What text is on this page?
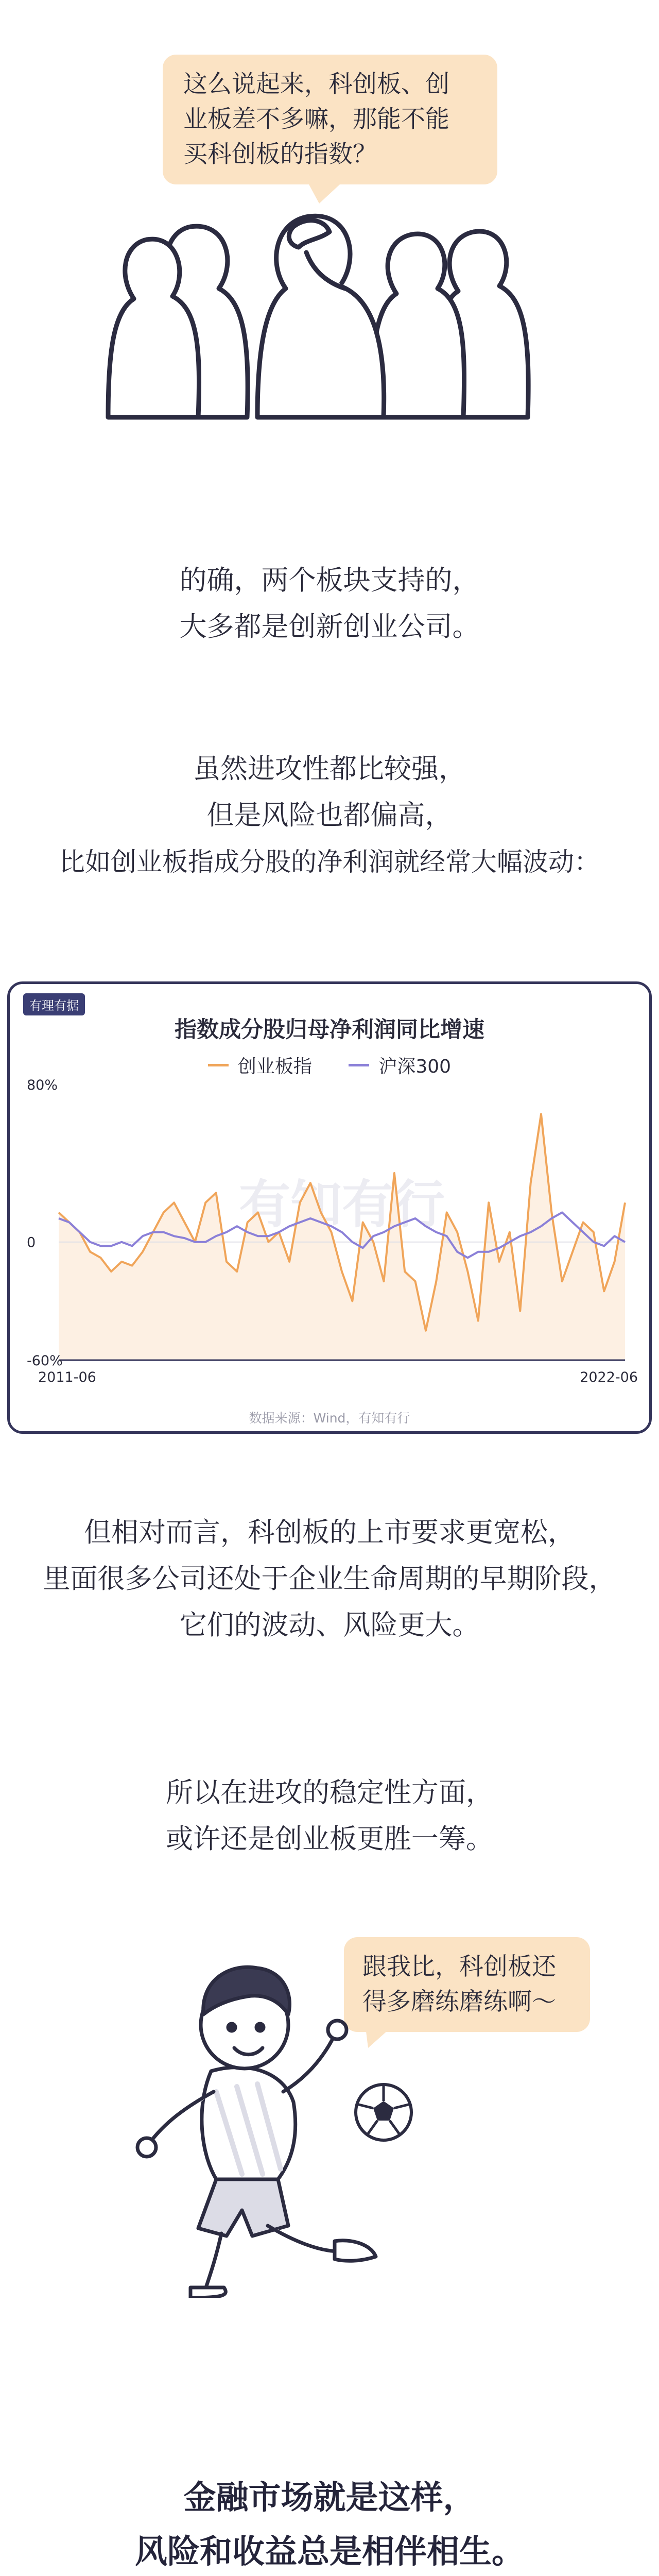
这么说起来，科创板、创
业板差不多嘛，那能不能
买科创板的指数？
的确，两个板块支持的，
大多都是创新创业公司。
虽然进攻性都比较强，
但是风险也都偏高，
比如创业板指成分股的净利润就经常大幅波动：
有理有据
指数成分股归母净利润同比增速
创业板指
	沪深300
有知有行
80%
0
-60%
2011-06	2022-06
数据来源：Wind，有知有行
但相对而言，科创板的上市要求更宽松，
里面很多公司还处于企业生命周期的早期阶段，
它们的波动、风险更大。
所以在进攻的稳定性方面，
或许还是创业板更胜一筹。
跟我比，科创板还
得多磨练磨练啊～
金融市场就是这样，
风险和收益总是相伴相生。
